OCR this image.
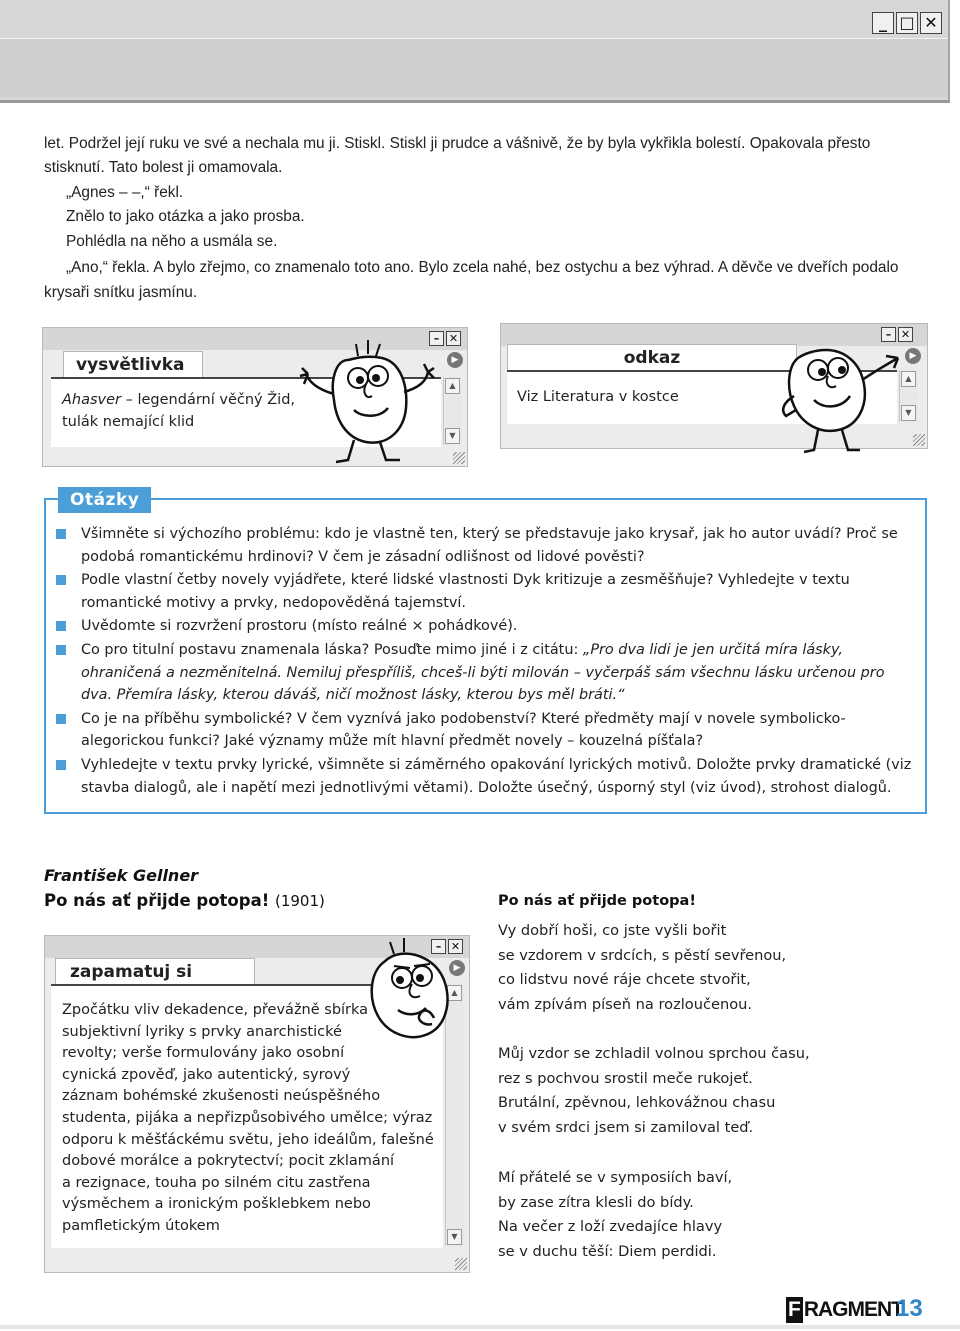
_ □ ✕

let. Podržel její ruku ve své a nechala mu ji. Stiskl. Stiskl ji prudce a vášnivě, že by byla vykřikla bolestí. Opakovala přesto

stisknutí. Tato bolest ji omamovala.

„Agnes – –,“ řekl.

Znělo to jako otázka a jako prosba.

Pohlédla na něho a usmála se.

„Ano,“ řekla. A bylo zřejmo, co znamenalo toto ano. Bylo zcela nahé, bez ostychu a bez výhrad. A děvče ve dveřích podalo

krysaři snítku jasmínu.

– ✕
▶
vysvětlivka
Ahasver – legendární věčný Žid, tulák nemající klid
▲
▼
– ✕
▶
odkaz
Viz Literatura v kostce
▲
▼
Otázky
Všimněte si výchozího problému: kdo je vlastně ten, který se představuje jako krysař, jak ho autor uvádí? Proč se podobá romantickému hrdinovi? V čem je zásadní odlišnost od lidové pověsti?
Podle vlastní četby novely vyjádřete, které lidské vlastnosti Dyk kritizuje a zesměšňuje? Vyhledejte v textu romantické motivy a prvky, nedopověděná tajemství.
Uvědomte si rozvržení prostoru (místo reálné × pohádkové).
Co pro titulní postavu znamenala láska? Posuďte mimo jiné i z citátu: „Pro dva lidi je jen určitá míra lásky, ohraničená a nezměnitelná. Nemiluj přespříliš, chceš-li býti milován – vyčerpáš sám všechnu lásku určenou pro dva. Přemíra lásky, kterou dáváš, ničí možnost lásky, kterou bys měl bráti.“
Co je na příběhu symbolické? V čem vyznívá jako podobenství? Které předměty mají v novele symbolicko-alegorickou funkci? Jaké významy může mít hlavní předmět novely – kouzelná píšťala?
Vyhledejte v textu prvky lyrické, všimněte si záměrného opakování lyrických motivů. Doložte prvky dramatické (viz stavba dialogů, ale i napětí mezi jednotlivými větami). Doložte úsečný, úsporný styl (viz úvod), strohost dialogů.
František Gellner
Po nás ať přijde potopa! (1901)
– ✕
▶
zapamatuj si
Zpočátku vliv dekadence, převážně sbírka
subjektivní lyriky s prvky anarchistické
revolty; verše formulovány jako osobní
cynická zpověď, jako autentický, syrový
záznam bohémské zkušenosti neúspěšného
studenta, pijáka a nepřizpůsobivého umělce; výraz
odporu k měšťáckému světu, jeho ideálům, falešné
dobové morálce a pokrytectví; pocit zklamání
a rezignace, touha po silném citu zastřena
výsměchem a ironickým pošklebkem nebo
pamfletickým útokem
▲
▼
Po nás ať přijde potopa!
Vy dobří hoši, co jste vyšli bořit
se vzdorem v srdcích, s pěstí sevřenou,
co lidstvu nové ráje chcete stvořit,
vám zpívám píseň na rozloučenou.
Můj vzdor se zchladil volnou sprchou času,
rez s pochvou srostil meče rukojeť.
Brutální, zpěvnou, lehkovážnou chasu
v svém srdci jsem si zamiloval teď.
Mí přátelé se v symposiích baví,
by zase zítra klesli do bídy.
Na večer z loží zvedajíce hlavy
se v duchu těší: Diem perdidi.
F RAGMENT
13
